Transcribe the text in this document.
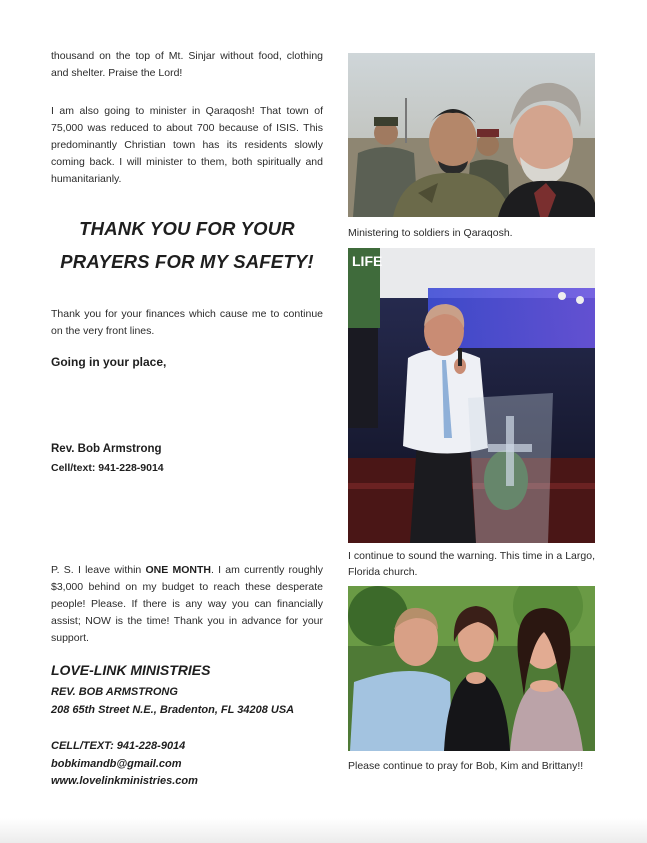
thousand on the top of Mt. Sinjar without food, clothing and shelter. Praise the Lord!

I am also going to minister in Qaraqosh! That town of 75,000 was reduced to about 700 because of ISIS. This predominantly Christian town has its residents slowly coming back. I will minister to them, both spiritually and humanitarianly.

THANK YOU FOR YOUR
PRAYERS FOR MY SAFETY!

Thank you for your finances which cause me to continue on the very front lines.

Going in your place,
Rev. Bob Armstrong
Cell/text: 941-228-9014

P. S. I leave within ONE MONTH. I am currently roughly $3,000 behind on my budget to reach these desperate people! Please. If there is any way you can financially assist; NOW is the time! Thank you in advance for your support.

LOVE-LINK MINISTRIES
REV. BOB ARMSTRONG
208 65th Street N.E., Bradenton, FL 34208 USA
CELL/TEXT: 941-228-9014
bobkimandb@gmail.com
www.lovelinkministries.com
Ministering to soldiers in Qaraqosh.
LIFE
I continue to sound the warning. This time in a Largo, Florida church.
Please continue to pray for Bob, Kim and Brittany!!
